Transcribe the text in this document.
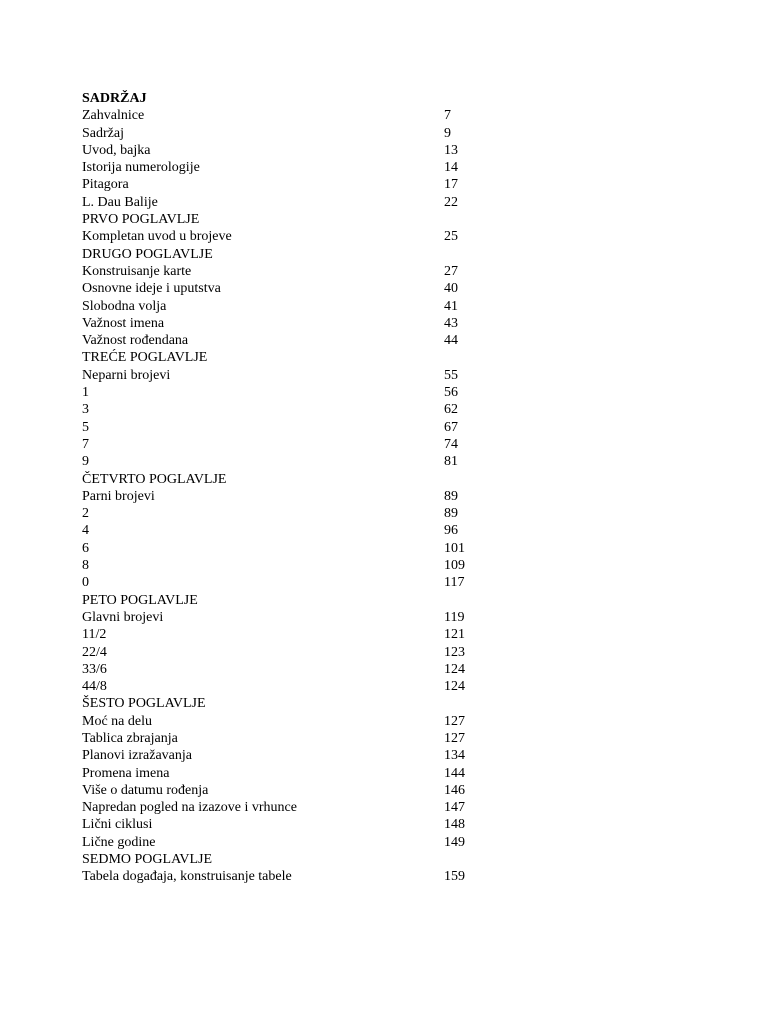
SADRŽAJ
Zahvalnice	7
Sadržaj	9
Uvod, bajka	13
Istorija numerologije	14
Pitagora	17
L. Dau Balije	22
PRVO POGLAVLJE
Kompletan uvod u brojeve	25
DRUGO POGLAVLJE
Konstruisanje karte	27
Osnovne ideje i uputstva	40
Slobodna volja	41
Važnost imena	43
Važnost rođendana	44
TREĆE POGLAVLJE
Neparni brojevi	55
1	56
3	62
5	67
7	74
9	81
ČETVRTO POGLAVLJE
Parni brojevi	89
2	89
4	96
6	101
8	109
0	117
PETO POGLAVLJE
Glavni brojevi	119
11/2	121
22/4	123
33/6	124
44/8	124
ŠESTO POGLAVLJE
Moć na delu	127
Tablica zbrajanja	127
Planovi izražavanja	134
Promena imena	144
Više o datumu rođenja	146
Napredan pogled na izazove i vrhunce	147
Lični ciklusi	148
Lične godine	149
SEDMO POGLAVLJE
Tabela događaja, konstruisanje tabele	159
